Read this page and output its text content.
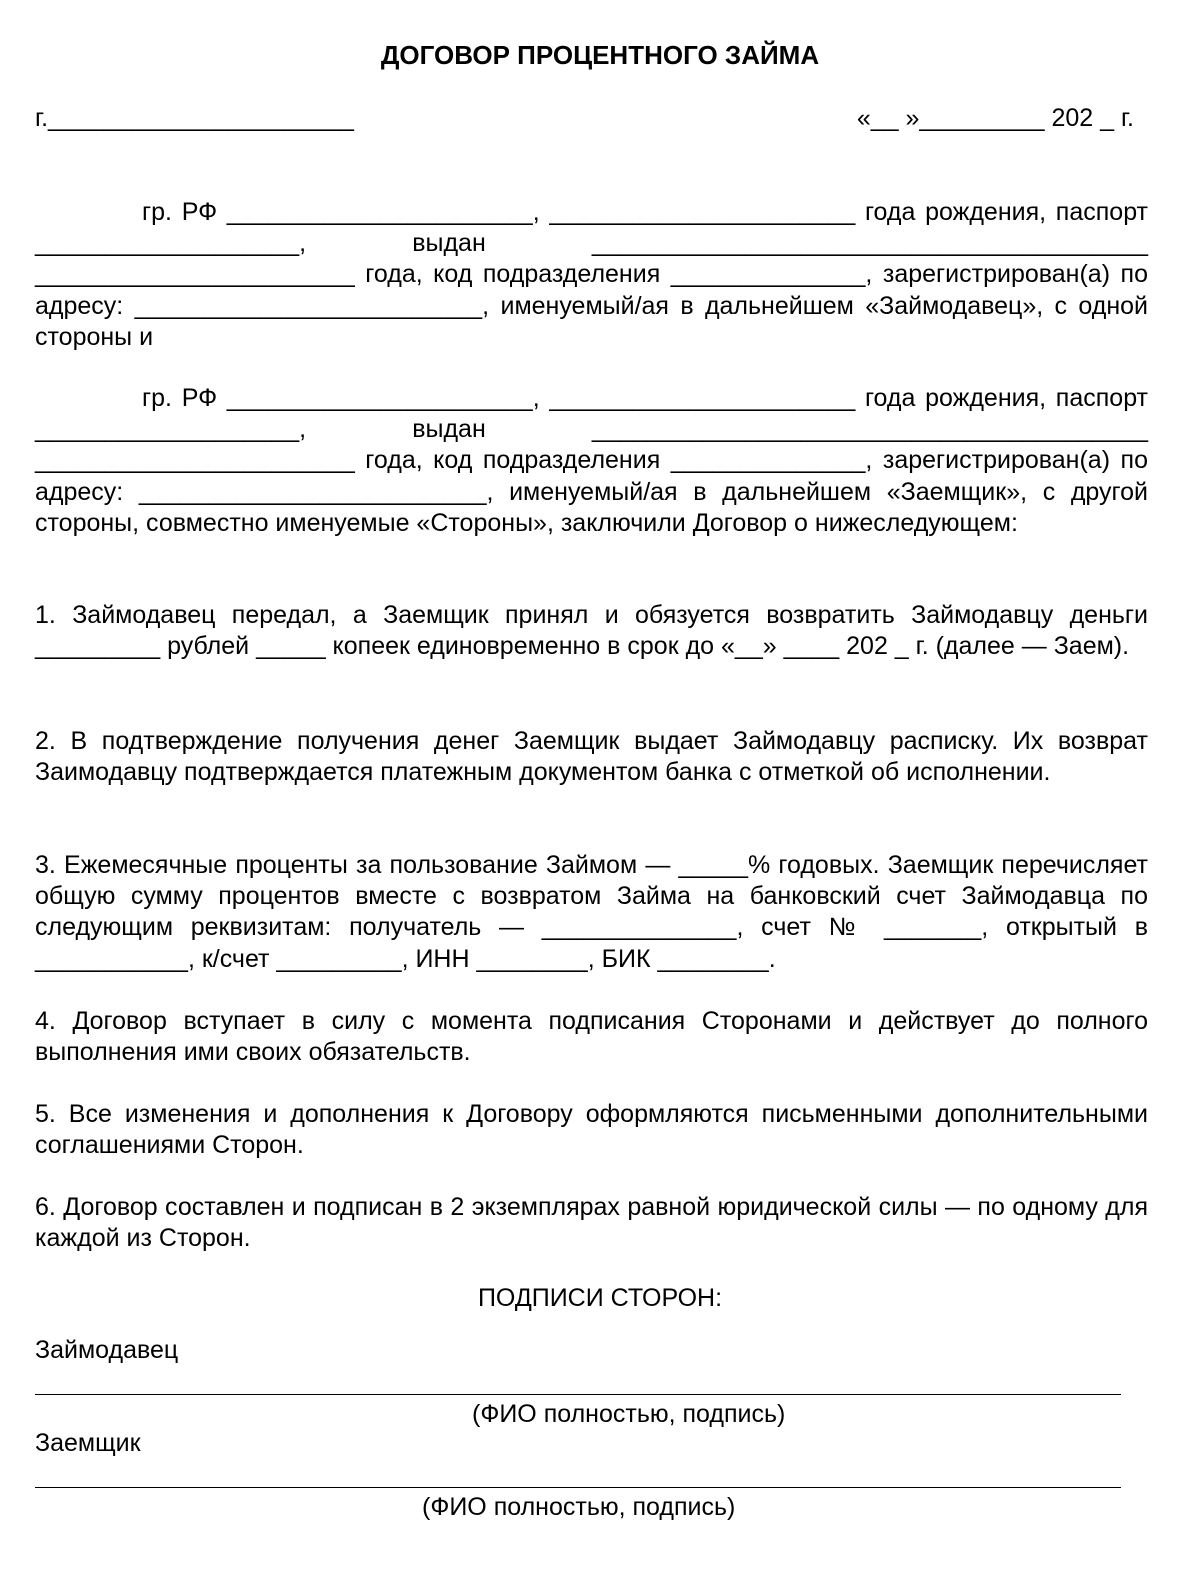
ДОГОВОР ПРОЦЕНТНОГО ЗАЙМА
г.______________________	«__ »_________ 202 _ г.

гр. РФ ______________________, ______________________ года рождения, паспорт ___________________, выдан ________________________________________ _______________________ года, код подразделения ______________, зарегистрирован(а) по адресу: _________________________, именуемый/ая в дальнейшем «Займодавец», с одной стороны и

гр. РФ ______________________, ______________________ года рождения, паспорт ___________________, выдан ________________________________________ _______________________ года, код подразделения ______________, зарегистрирован(а) по адресу: _________________________, именуемый/ая в дальнейшем «Заемщик», с другой стороны, совместно именуемые «Стороны», заключили Договор о нижеследующем:

1. Займодавец передал, а Заемщик принял и обязуется возвратить Займодавцу деньги _________ рублей _____ копеек единовременно в срок до «__» ____ 202 _ г. (далее — Заем).

2. В подтверждение получения денег Заемщик выдает Займодавцу расписку. Их возврат Заимодавцу подтверждается платежным документом банка с отметкой об исполнении.

3. Ежемесячные проценты за пользование Займом — _____% годовых. Заемщик перечисляет общую сумму процентов вместе с возвратом Займа на банковский счет Займодавца по следующим реквизитам: получатель — ______________, счет № _______, открытый в ___________, к/счет _________, ИНН ________, БИК ________.

4. Договор вступает в силу с момента подписания Сторонами и действует до полного выполнения ими своих обязательств.

5. Все изменения и дополнения к Договору оформляются письменными дополнительными соглашениями Сторон.

6. Договор составлен и подписан в 2 экземплярах равной юридической силы — по одному для каждой из Сторон.

ПОДПИСИ СТОРОН:
Займодавец
(ФИО полностью, подпись)
Заемщик
(ФИО полностью, подпись)
